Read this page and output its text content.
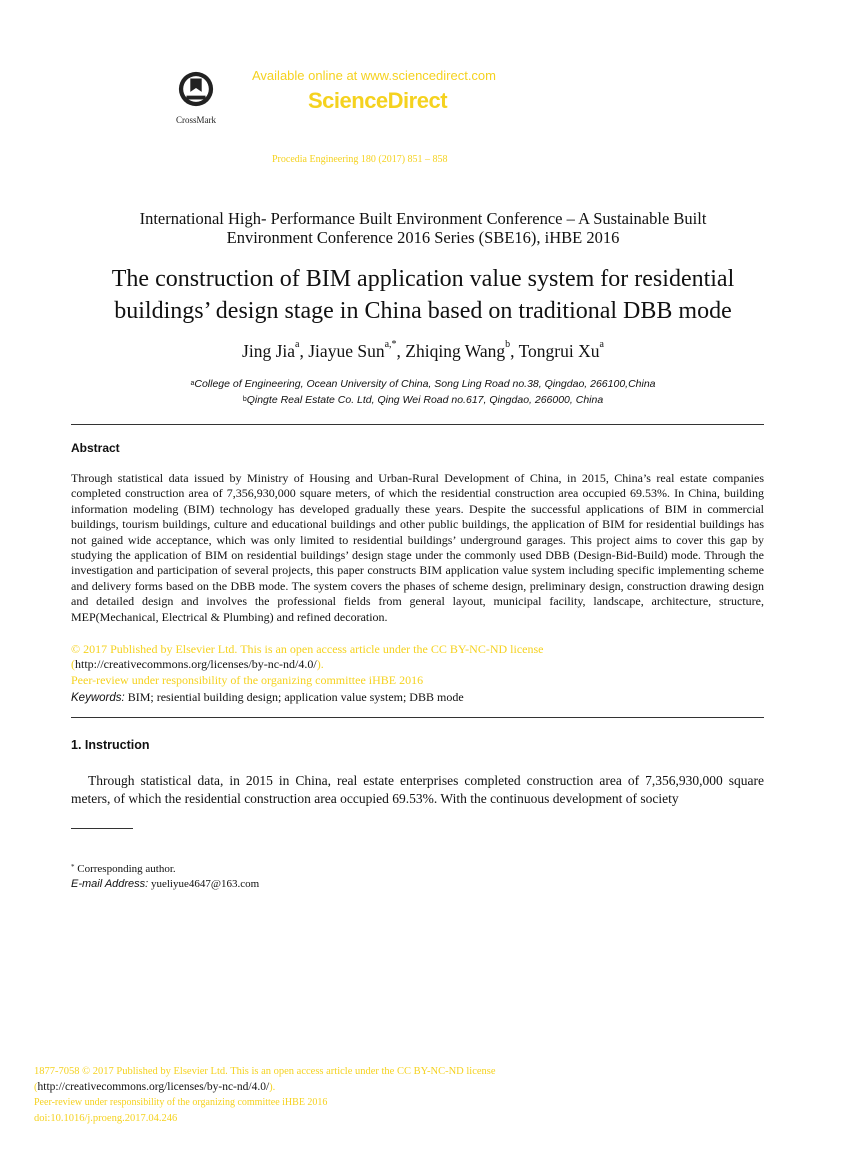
CrossMark
Available online at www.sciencedirect.com
ScienceDirect
Procedia Engineering 180 (2017) 851 – 858
International High- Performance Built Environment Conference – A Sustainable Built
Environment Conference 2016 Series (SBE16), iHBE 2016
The construction of BIM application value system for residential
buildings’ design stage in China based on traditional DBB mode
Jing Jia$^a$, Jiayue Sun$^{a,*}$, Zhiqing Wang$^b$, Tongrui Xu$^a$
$^a$College of Engineering, Ocean University of China, Song Ling Road no.38, Qingdao, 266100,China
$^b$Qingte Real Estate Co. Ltd, Qing Wei Road no.617, Qingdao, 266000, China
Abstract
Through statistical data issued by Ministry of Housing and Urban-Rural Development of China, in 2015, China’s real estate companies completed construction area of 7,356,930,000 square meters, of which the residential construction area occupied 69.53%. In China, building information modeling (BIM) technology has developed gradually these years. Despite the successful applications of BIM in commercial buildings, tourism buildings, culture and educational buildings and other public buildings, the application of BIM for residential buildings has not gained wide acceptance, which was only limited to residential buildings’ underground garages. This project aims to cover this gap by studying the application of BIM on residential buildings’ design stage under the commonly used DBB (Design-Bid-Build) mode. Through the investigation and participation of several projects, this paper constructs BIM application value system including specific implementing scheme and delivery forms based on the DBB mode. The system covers the phases of scheme design, preliminary design, construction drawing design and detailed design and involves the professional fields from general layout, municipal facility, landscape, architecture, structure, MEP(Mechanical, Electrical & Plumbing) and refined decoration.
© 2017 Published by Elsevier Ltd. This is an open access article under the CC BY-NC-ND license
(http://creativecommons.org/licenses/by-nc-nd/4.0/).
Peer-review under responsibility of the organizing committee iHBE 2016
Keywords: BIM; resiential building design; application value system; DBB mode
1. Instruction
Through statistical data, in 2015 in China, real estate enterprises completed construction area of 7,356,930,000 square meters, of which the residential construction area occupied 69.53%. With the continuous development of society
* Corresponding author.
E-mail Address: yueliyue4647@163.com
1877-7058 © 2017 Published by Elsevier Ltd. This is an open access article under the CC BY-NC-ND license
(http://creativecommons.org/licenses/by-nc-nd/4.0/).
Peer-review under responsibility of the organizing committee iHBE 2016
doi:10.1016/j.proeng.2017.04.246
